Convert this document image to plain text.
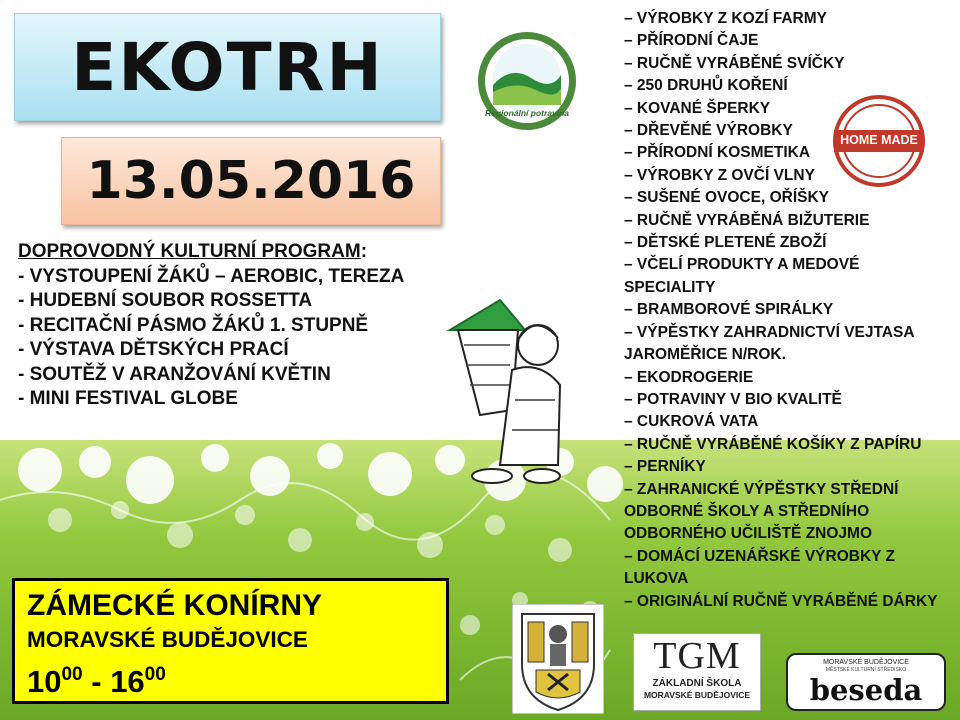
EKOTRH
13.05.2016
Regionální potravina
HOME MADE
DOPROVODNÝ KULTURNÍ PROGRAM:
- VYSTOUPENÍ ŽÁKŮ – AEROBIC, TEREZA
- HUDEBNÍ SOUBOR ROSSETTA
- RECITAČNÍ PÁSMO ŽÁKŮ 1. STUPNĚ
- VÝSTAVA DĚTSKÝCH PRACÍ
- SOUTĚŽ V ARANŽOVÁNÍ KVĚTIN
- MINI FESTIVAL GLOBE
– VÝROBKY Z KOZÍ FARMY
– PŘÍRODNÍ ČAJE
– RUČNĚ VYRÁBĚNÉ SVÍČKY
– 250 DRUHŮ KOŘENÍ
– KOVANÉ ŠPERKY
– DŘEVĚNÉ VÝROBKY
– PŘÍRODNÍ KOSMETIKA
– VÝROBKY Z OVČÍ VLNY
– SUŠENÉ OVOCE, OŘÍŠKY
– RUČNĚ VYRÁBĚNÁ BIŽUTERIE
– DĚTSKÉ PLETENÉ ZBOŽÍ
– VČELÍ PRODUKTY A MEDOVÉ
SPECIALITY
– BRAMBOROVÉ SPIRÁLKY
– VÝPĚSTKY ZAHRADNICTVÍ VEJTASA
JAROMĚŘICE N/ROK.
– EKODROGERIE
– POTRAVINY V BIO KVALITĚ
– CUKROVÁ VATA
– RUČNĚ VYRÁBĚNÉ KOŠÍKY Z PAPÍRU
– PERNÍKY
– ZAHRANICKÉ VÝPĚSTKY STŘEDNÍ
ODBORNÉ ŠKOLY A STŘEDNÍHO
ODBORNÉHO UČILIŠTĚ ZNOJMO
– DOMÁCÍ UZENÁŘSKÉ VÝROBKY Z
LUKOVA
– ORIGINÁLNÍ RUČNĚ VYRÁBĚNÉ DÁRKY
ZÁMECKÉ KONÍRNY
MORAVSKÉ BUDĚJOVICE
$10^{00} - 16^{00}$	TGM
ZÁKLADNÍ ŠKOLA
MORAVSKÉ BUDĚJOVICE
MORAVSKÉ BUDĚJOVICE
MĚSTSKÉ KULTURNÍ STŘEDISKO
beseda
